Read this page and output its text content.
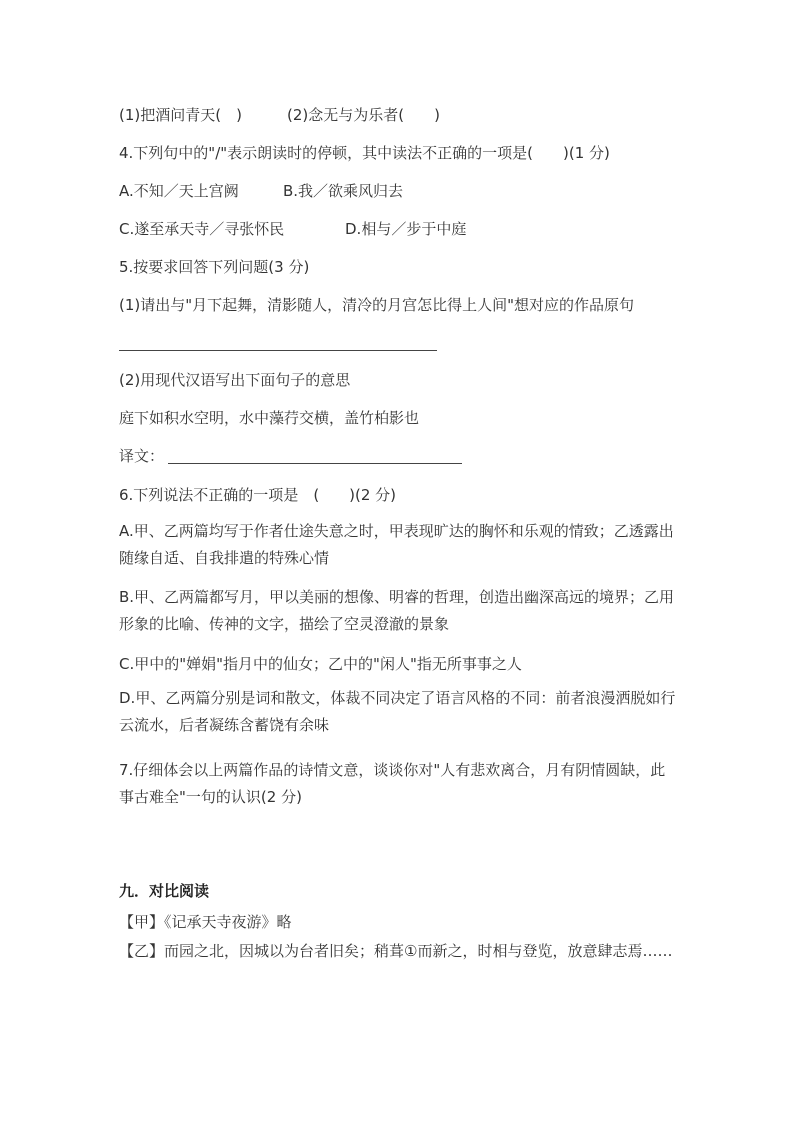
(1)把酒问青天(　)	(2)念无与为乐者(　　)
4.下列句中的"/"表示朗读时的停顿，其中读法不正确的一项是(　　)(1 分)
A.不知／天上宫阙	B.我／欲乘风归去
C.遂至承天寺／寻张怀民	D.相与／步于中庭
5.按要求回答下列问题(3 分)
(1)请出与"月下起舞，清影随人，清冷的月宫怎比得上人间"想对应的作品原句
(2)用现代汉语写出下面句子的意思
庭下如积水空明，水中藻荇交横，盖竹柏影也
译文：
6.下列说法不正确的一项是　(　　)(2 分)
A.甲、乙两篇均写于作者仕途失意之时，甲表现旷达的胸怀和乐观的情致；乙透露出随缘自适、自我排遣的特殊心情
B.甲、乙两篇都写月，甲以美丽的想像、明睿的哲理，创造出幽深高远的境界；乙用形象的比喻、传神的文字，描绘了空灵澄澈的景象
C.甲中的"婵娟"指月中的仙女；乙中的"闲人"指无所事事之人
D.甲、乙两篇分别是词和散文，体裁不同决定了语言风格的不同：前者浪漫洒脱如行云流水，后者凝练含蓄饶有余味
7.仔细体会以上两篇作品的诗情文意，谈谈你对"人有悲欢离合，月有阴情圆缺，此事古难全"一句的认识(2 分)
九．对比阅读
【甲】《记承天寺夜游》略
【乙】而园之北，因城以为台者旧矣；稍葺①而新之，时相与登览，放意肆志焉……
